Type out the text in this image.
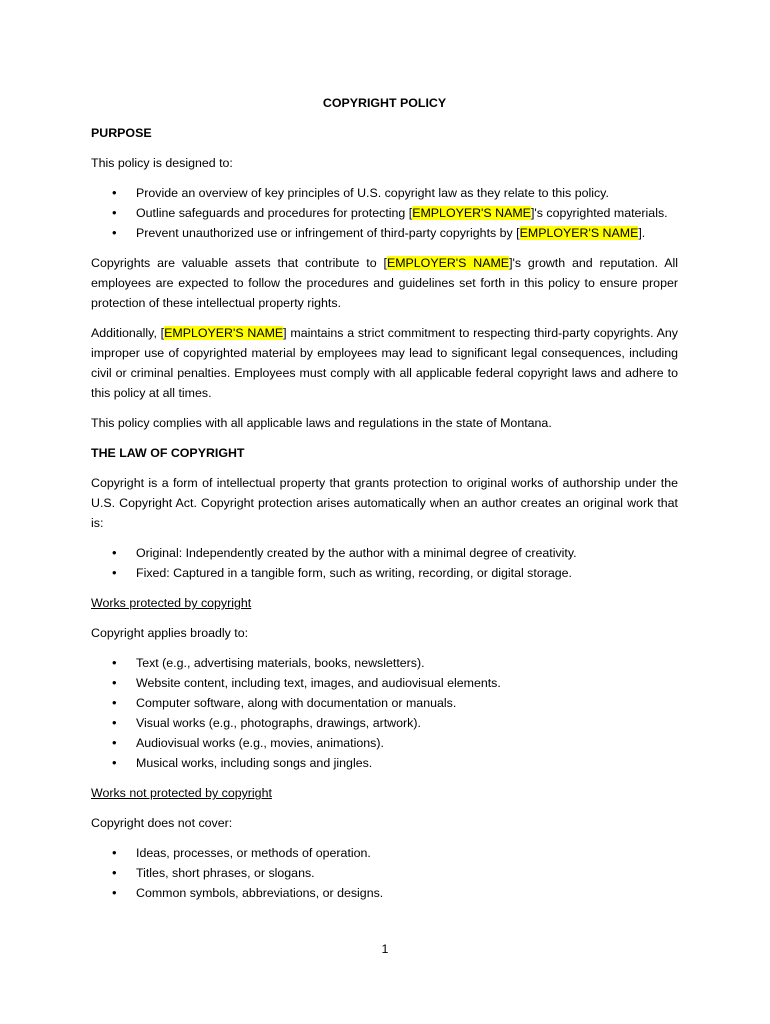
COPYRIGHT POLICY

PURPOSE

This policy is designed to:

• Provide an overview of key principles of U.S. copyright law as they relate to this policy.
• Outline safeguards and procedures for protecting [EMPLOYER'S NAME]'s copyrighted materials.
• Prevent unauthorized use or infringement of third-party copyrights by [EMPLOYER'S NAME].

Copyrights are valuable assets that contribute to [EMPLOYER'S NAME]'s growth and reputation. All employees are expected to follow the procedures and guidelines set forth in this policy to ensure proper protection of these intellectual property rights.

Additionally, [EMPLOYER'S NAME] maintains a strict commitment to respecting third-party copyrights. Any improper use of copyrighted material by employees may lead to significant legal consequences, including civil or criminal penalties. Employees must comply with all applicable federal copyright laws and adhere to this policy at all times.

This policy complies with all applicable laws and regulations in the state of Montana.

THE LAW OF COPYRIGHT

Copyright is a form of intellectual property that grants protection to original works of authorship under the U.S. Copyright Act. Copyright protection arises automatically when an author creates an original work that is:

• Original: Independently created by the author with a minimal degree of creativity.
• Fixed: Captured in a tangible form, such as writing, recording, or digital storage.

Works protected by copyright

Copyright applies broadly to:

• Text (e.g., advertising materials, books, newsletters).
• Website content, including text, images, and audiovisual elements.
• Computer software, along with documentation or manuals.
• Visual works (e.g., photographs, drawings, artwork).
• Audiovisual works (e.g., movies, animations).
• Musical works, including songs and jingles.

Works not protected by copyright

Copyright does not cover:

• Ideas, processes, or methods of operation.
• Titles, short phrases, or slogans.
• Common symbols, abbreviations, or designs.
1
